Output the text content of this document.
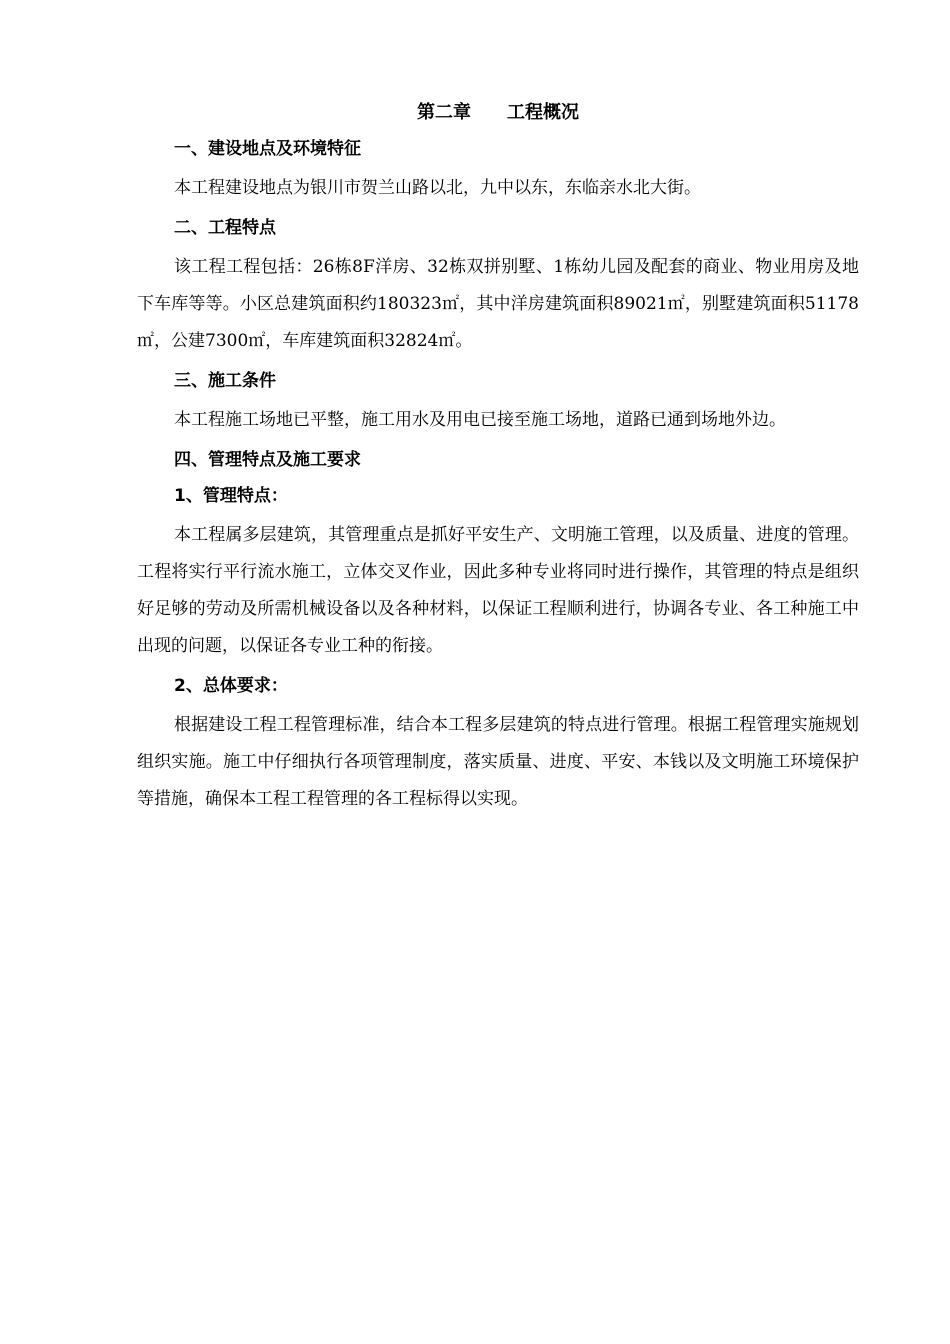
第二章　　工程概况
一、建设地点及环境特征
本工程建设地点为银川市贺兰山路以北，九中以东，东临亲水北大街。
二、工程特点
该工程工程包括：26栋8F洋房、32栋双拼别墅、1栋幼儿园及配套的商业、物业用房及地下车库等等。小区总建筑面积约180323㎡，其中洋房建筑面积89021㎡，别墅建筑面积51178㎡，公建7300㎡，车库建筑面积32824㎡。
三、施工条件
本工程施工场地已平整，施工用水及用电已接至施工场地，道路已通到场地外边。
四、管理特点及施工要求
1、管理特点：
本工程属多层建筑，其管理重点是抓好平安生产、文明施工管理，以及质量、进度的管理。工程将实行平行流水施工，立体交叉作业，因此多种专业将同时进行操作，其管理的特点是组织好足够的劳动及所需机械设备以及各种材料，以保证工程顺利进行，协调各专业、各工种施工中出现的问题，以保证各专业工种的衔接。
2、总体要求：
根据建设工程工程管理标准，结合本工程多层建筑的特点进行管理。根据工程管理实施规划组织实施。施工中仔细执行各项管理制度，落实质量、进度、平安、本钱以及文明施工环境保护等措施，确保本工程工程管理的各工程标得以实现。
